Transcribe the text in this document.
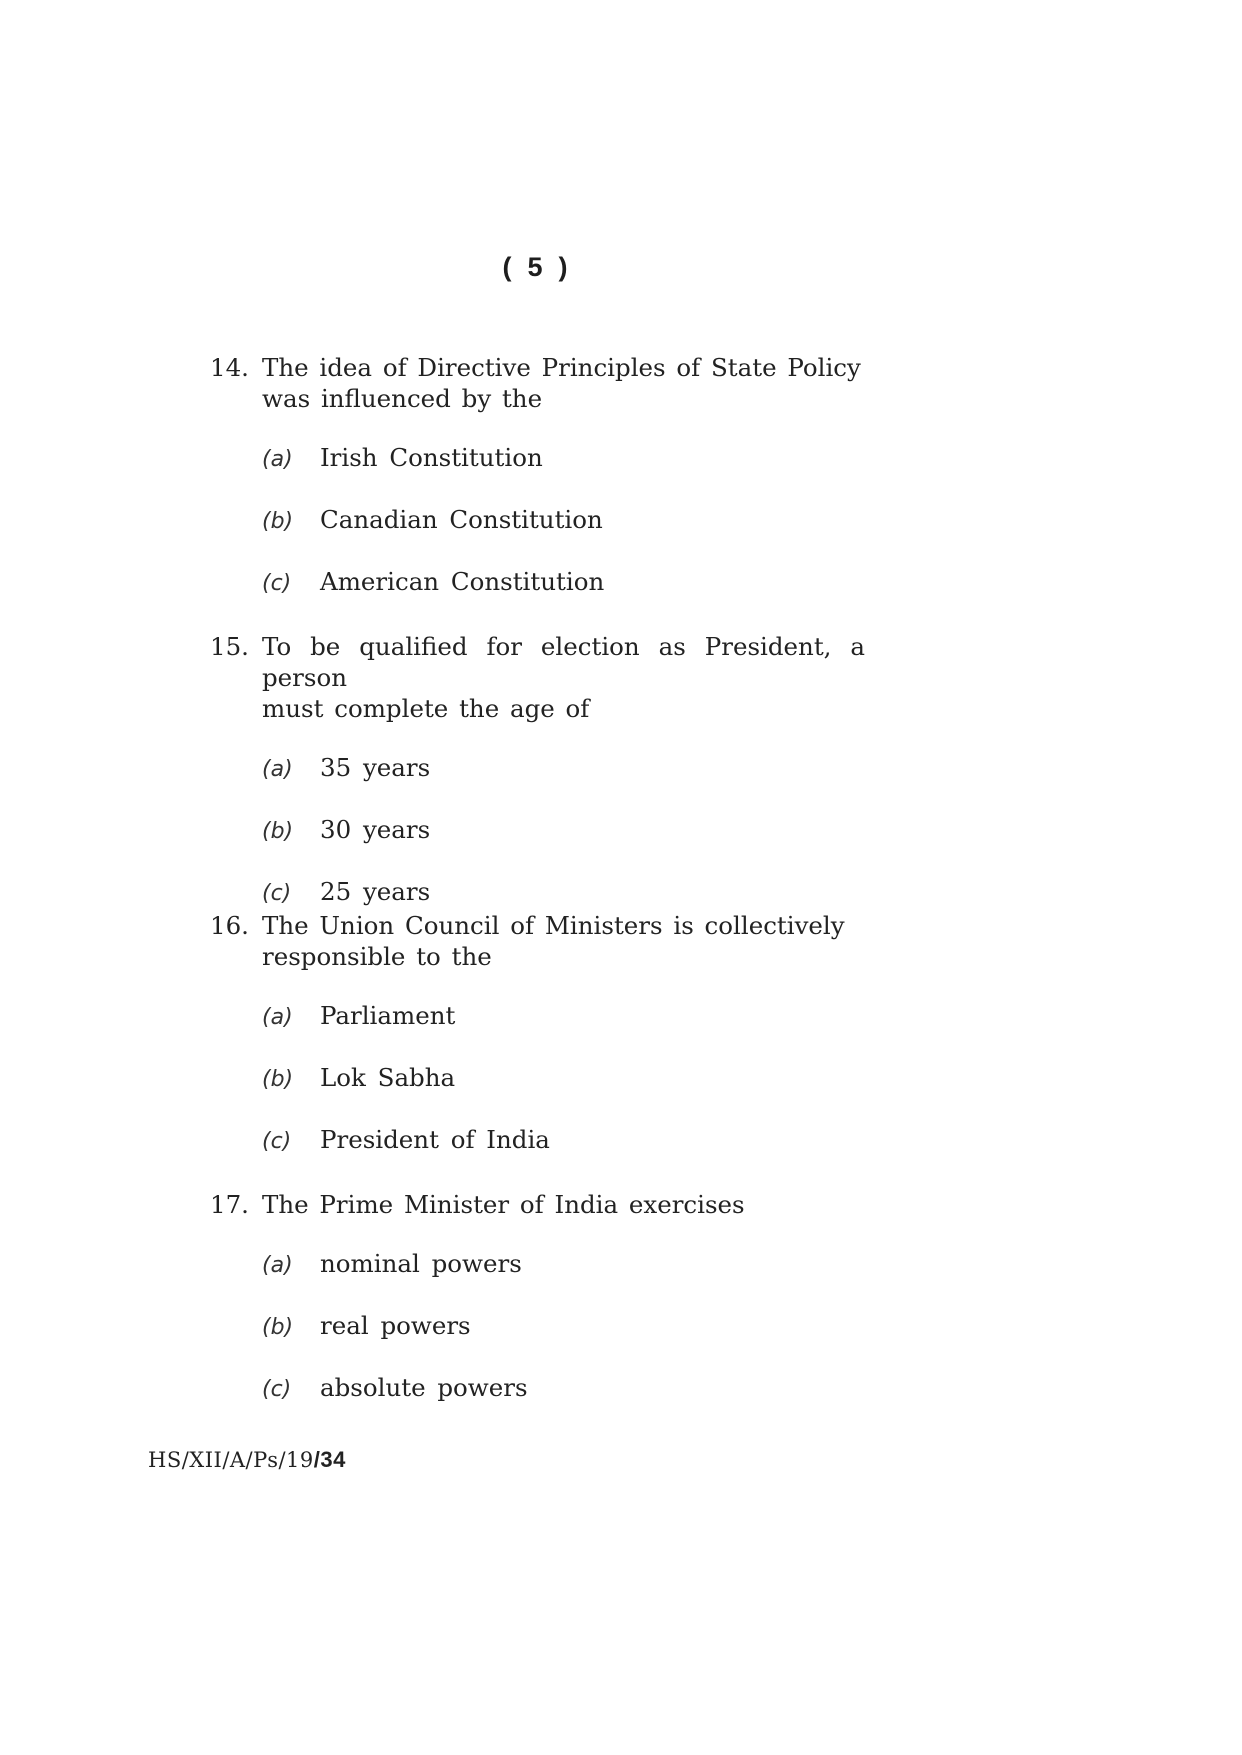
( 5 )
14. The idea of Directive Principles of State Policy
was influenced by the
(a)	Irish Constitution
(b)	Canadian Constitution
(c)	American Constitution
15. To be qualified for election as President, a person
must complete the age of
(a)	35 years
(b)	30 years
(c)	25 years
16. The Union Council of Ministers is collectively
responsible to the
(a)	Parliament
(b)	Lok Sabha
(c)	President of India
17. The Prime Minister of India exercises
(a)	nominal powers
(b)	real powers
(c)	absolute powers
HS/XII/A/Ps/19/34
